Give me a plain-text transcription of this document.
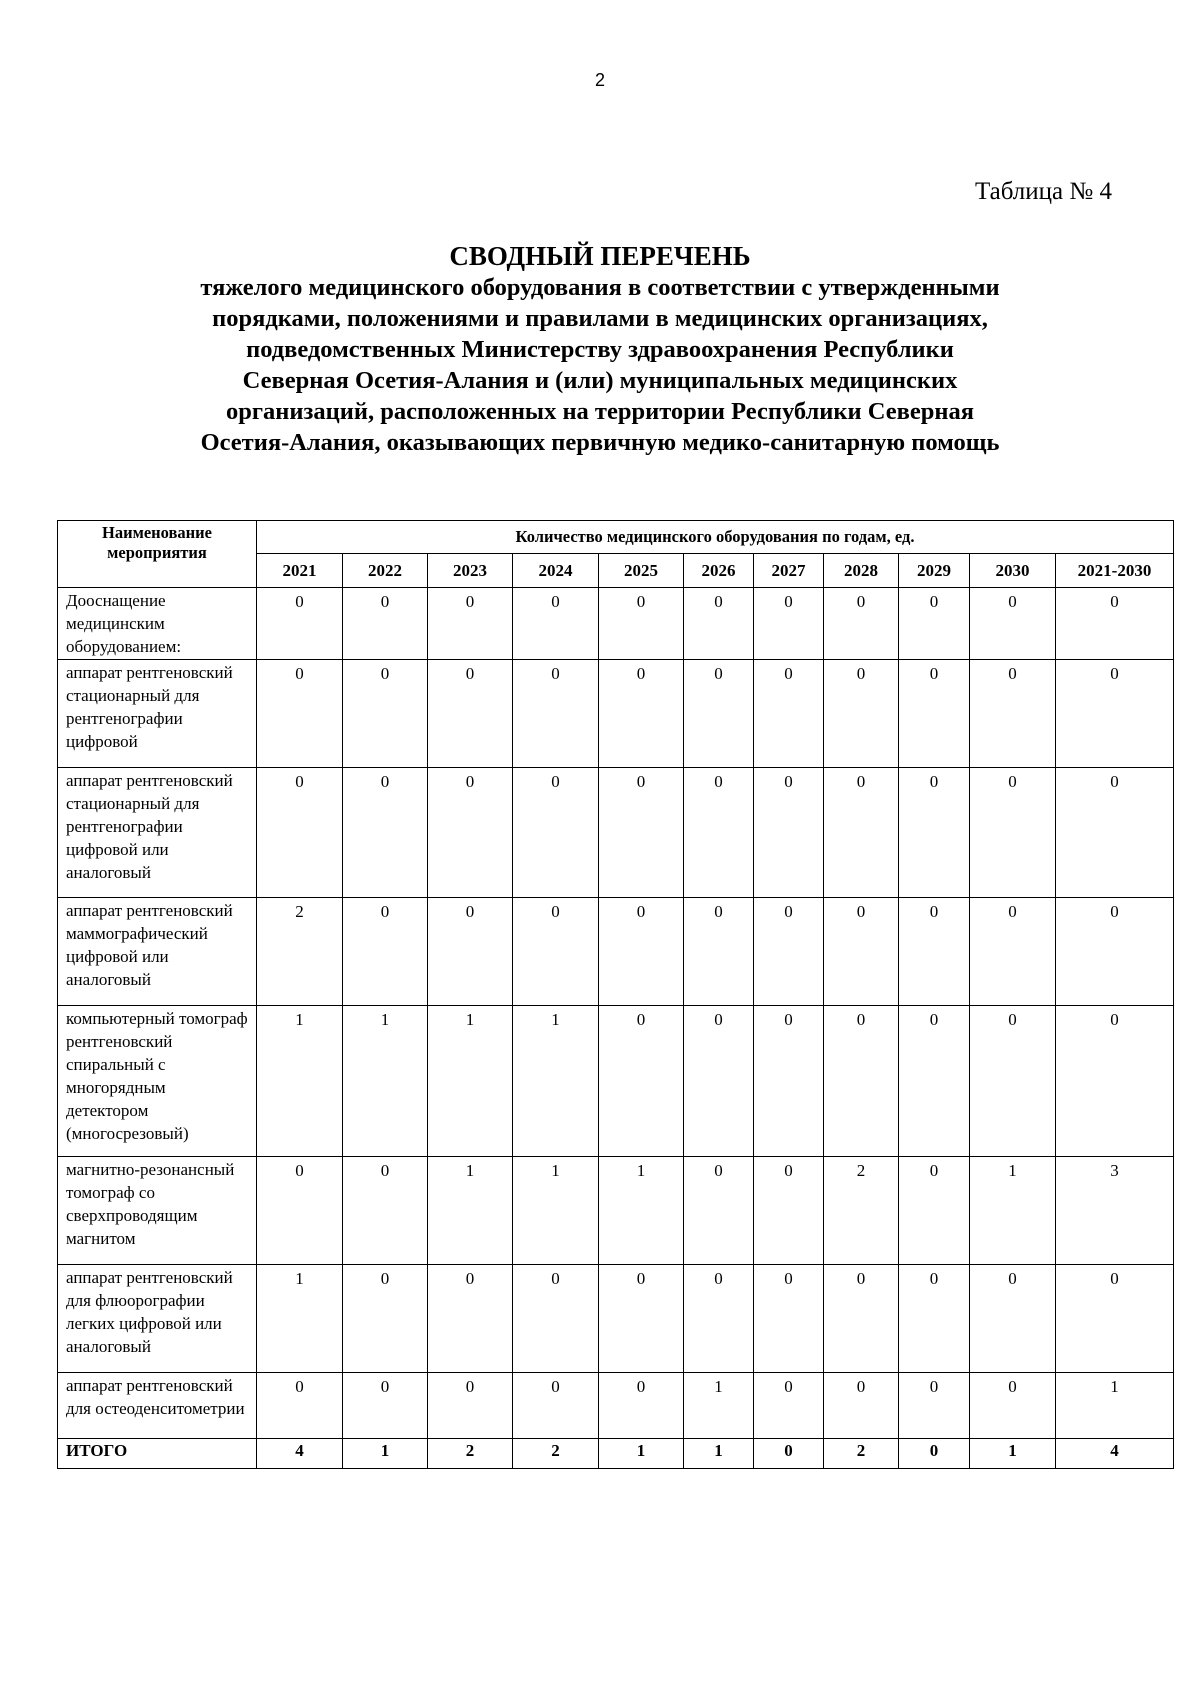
2
Таблица № 4
СВОДНЫЙ ПЕРЕЧЕНЬ
тяжелого медицинского оборудования в соответствии с утвержденными
порядками, положениями и правилами в медицинских организациях,
подведомственных Министерству здравоохранения Республики
Северная Осетия-Алания и (или) муниципальных медицинских
организаций, расположенных на территории Республики Северная
Осетия-Алания, оказывающих первичную медико-санитарную помощь
Наименование мероприятия	Количество медицинского оборудования по годам, ед.										
	2021	2022	2023	2024	2025	2026	2027	2028	2029	2030	2021-2030
Дооснащение медицинским оборудованием:	0	0	0	0	0	0	0	0	0	0	0
аппарат рентгеновский стационарный для рентгенографии цифровой	0	0	0	0	0	0	0	0	0	0	0
аппарат рентгеновский стационарный для рентгенографии цифровой или аналоговый	0	0	0	0	0	0	0	0	0	0	0
аппарат рентгеновский маммографический цифровой или аналоговый	2	0	0	0	0	0	0	0	0	0	0
компьютерный томограф рентгеновский спиральный с многорядным детектором (многосрезовый)	1	1	1	1	0	0	0	0	0	0	0
магнитно-резонансный томограф со сверхпроводящим магнитом	0	0	1	1	1	0	0	2	0	1	3
аппарат рентгеновский для флюорографии легких цифровой или аналоговый	1	0	0	0	0	0	0	0	0	0	0
аппарат рентгеновский для остеоденситометрии	0	0	0	0	0	1	0	0	0	0	1
ИТОГО	4	1	2	2	1	1	0	2	0	1	4
